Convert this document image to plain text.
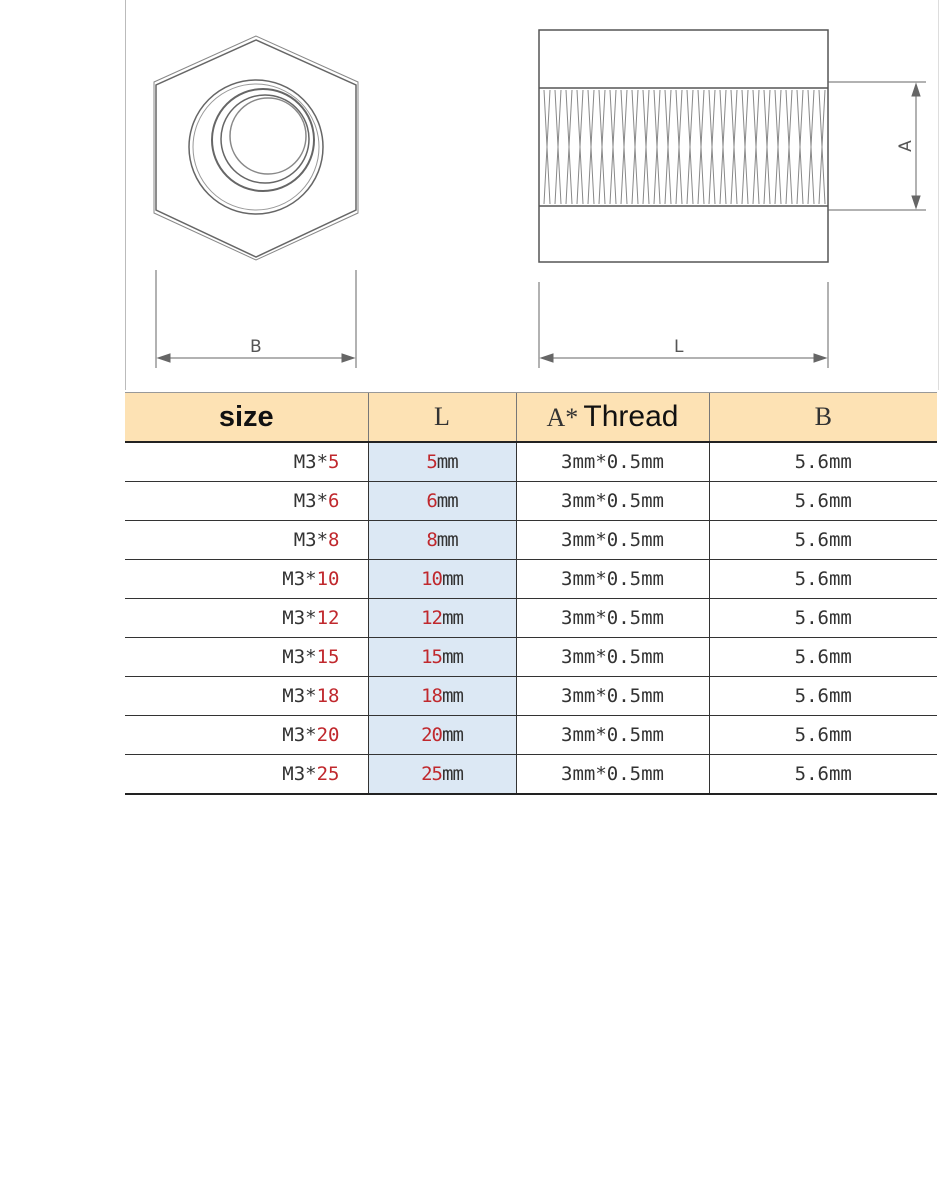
B
A
L
size	L	A* Thread	B
M3*5	5mm	3mm*0.5mm	5.6mm
M3*6	6mm	3mm*0.5mm	5.6mm
M3*8	8mm	3mm*0.5mm	5.6mm
M3*10	10mm	3mm*0.5mm	5.6mm
M3*12	12mm	3mm*0.5mm	5.6mm
M3*15	15mm	3mm*0.5mm	5.6mm
M3*18	18mm	3mm*0.5mm	5.6mm
M3*20	20mm	3mm*0.5mm	5.6mm
M3*25	25mm	3mm*0.5mm	5.6mm
